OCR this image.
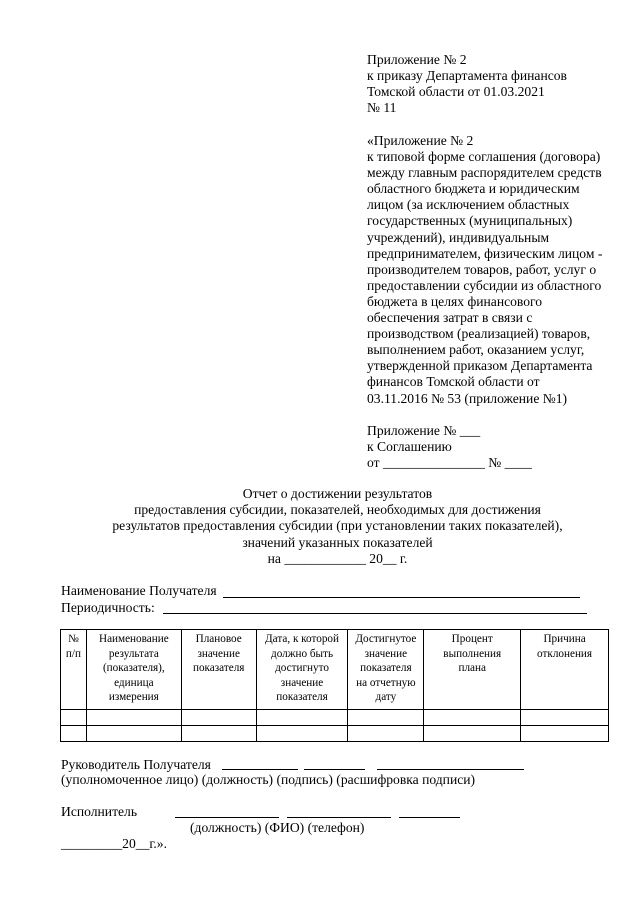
Приложение № 2
к приказу Департамента финансов
Томской области от 01.03.2021
№ 11
«Приложение № 2
к типовой форме соглашения (договора)
между главным распорядителем средств
областного бюджета и юридическим
лицом (за исключением областных
государственных (муниципальных)
учреждений), индивидуальным
предпринимателем, физическим лицом -
производителем товаров, работ, услуг о
предоставлении субсидии из областного
бюджета в целях финансового
обеспечения затрат в связи с
производством (реализацией) товаров,
выполнением работ, оказанием услуг,
утвержденной приказом Департамента
финансов Томской области от
03.11.2016 № 53 (приложение №1)
Приложение № ___
к Соглашению
от _______________ № ____
Отчет о достижении результатов
предоставления субсидии, показателей, необходимых для достижения
результатов предоставления субсидии (при установлении таких показателей),
значений указанных показателей
на ____________ 20__ г.
Наименование Получателя
Периодичность:
№
п/п	Наименование
результата
(показателя),
единица
измерения	Плановое
значение
показателя	Дата, к которой
должно быть
достигнуто
значение
показателя	Достигнутое
значение
показателя
на отчетную
дату	Процент
выполнения
плана	Причина
отклонения

Руководитель Получателя
(уполномоченное лицо) (должность) (подпись) (расшифровка подписи)
Исполнитель
(должность) (ФИО) (телефон)
_________20__г.».
